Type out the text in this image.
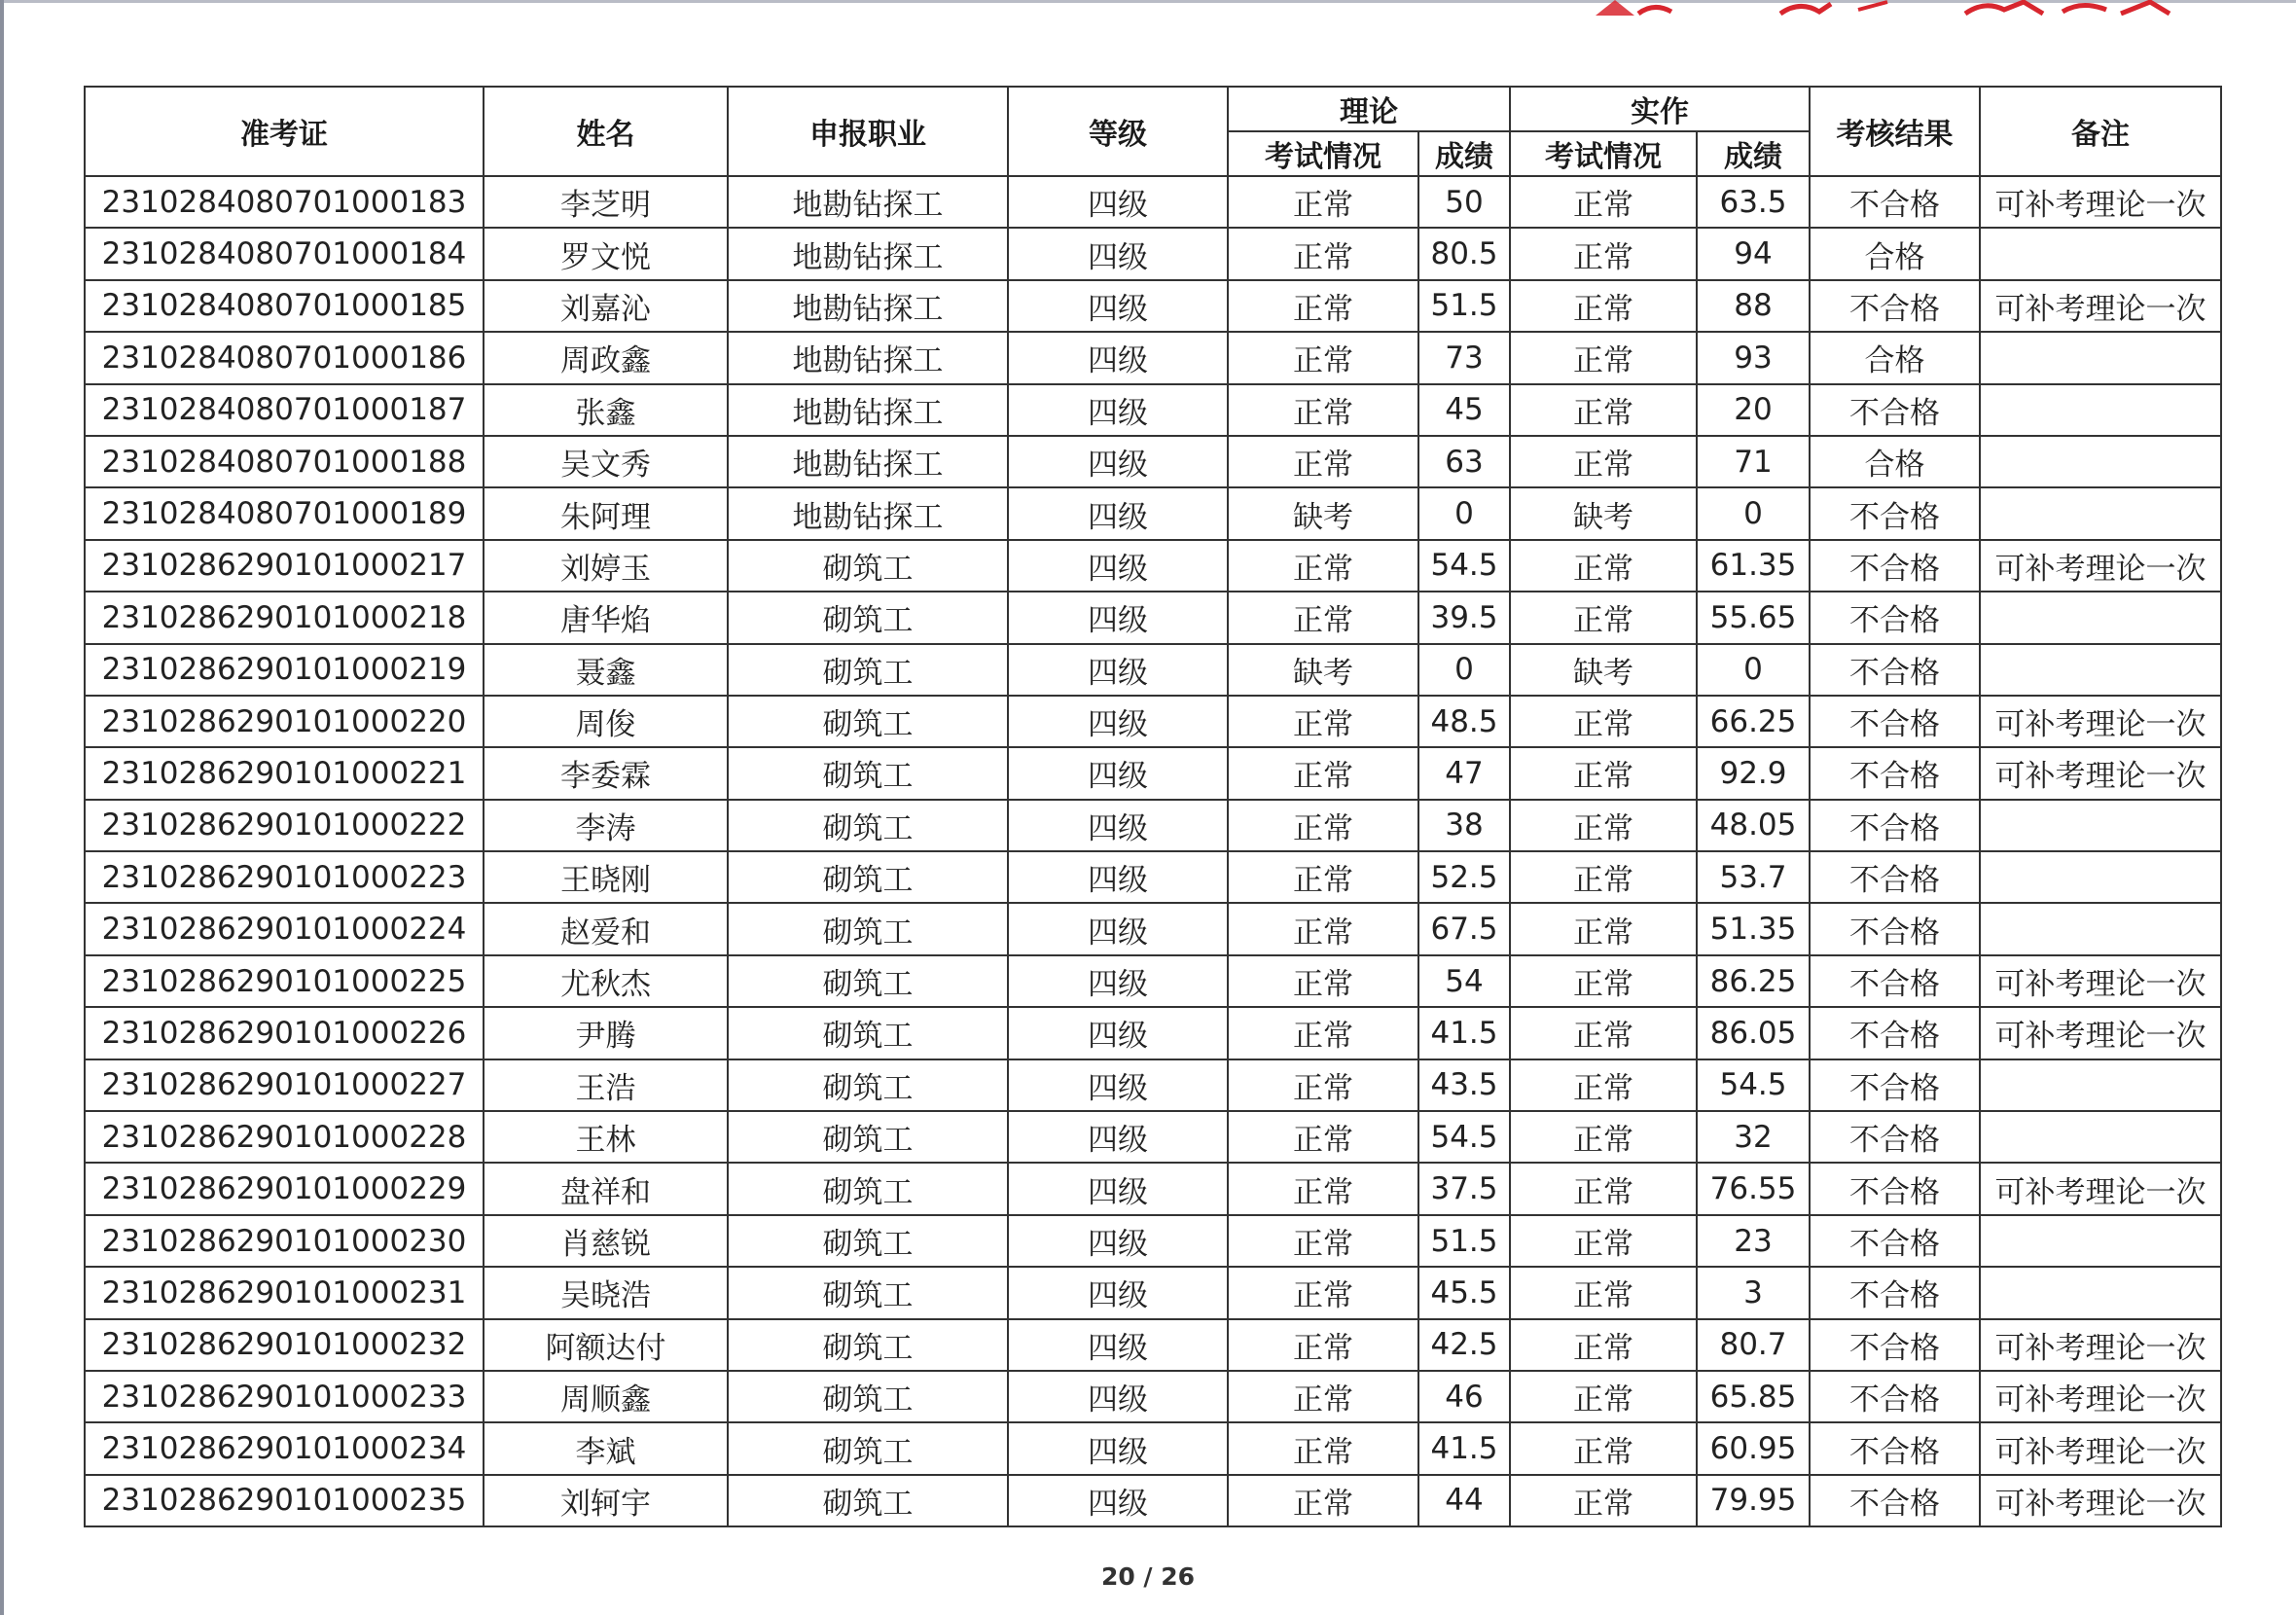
准考证	姓名	申报职业	等级	理论		实作		考核结果	备注
				考试情况	成绩	考试情况	成绩		
2310284080701000183	李芝明	地勘钻探工	四级	正常	50	正常	63.5	不合格	可补考理论一次
2310284080701000184	罗文悦	地勘钻探工	四级	正常	80.5	正常	94	合格	
2310284080701000185	刘嘉沁	地勘钻探工	四级	正常	51.5	正常	88	不合格	可补考理论一次
2310284080701000186	周政鑫	地勘钻探工	四级	正常	73	正常	93	合格	
2310284080701000187	张鑫	地勘钻探工	四级	正常	45	正常	20	不合格	
2310284080701000188	吴文秀	地勘钻探工	四级	正常	63	正常	71	合格	
2310284080701000189	朱阿理	地勘钻探工	四级	缺考	0	缺考	0	不合格	
2310286290101000217	刘婷玉	砌筑工	四级	正常	54.5	正常	61.35	不合格	可补考理论一次
2310286290101000218	唐华焰	砌筑工	四级	正常	39.5	正常	55.65	不合格	
2310286290101000219	聂鑫	砌筑工	四级	缺考	0	缺考	0	不合格	
2310286290101000220	周俊	砌筑工	四级	正常	48.5	正常	66.25	不合格	可补考理论一次
2310286290101000221	李委霖	砌筑工	四级	正常	47	正常	92.9	不合格	可补考理论一次
2310286290101000222	李涛	砌筑工	四级	正常	38	正常	48.05	不合格	
2310286290101000223	王晓刚	砌筑工	四级	正常	52.5	正常	53.7	不合格	
2310286290101000224	赵爱和	砌筑工	四级	正常	67.5	正常	51.35	不合格	
2310286290101000225	尤秋杰	砌筑工	四级	正常	54	正常	86.25	不合格	可补考理论一次
2310286290101000226	尹腾	砌筑工	四级	正常	41.5	正常	86.05	不合格	可补考理论一次
2310286290101000227	王浩	砌筑工	四级	正常	43.5	正常	54.5	不合格	
2310286290101000228	王林	砌筑工	四级	正常	54.5	正常	32	不合格	
2310286290101000229	盘祥和	砌筑工	四级	正常	37.5	正常	76.55	不合格	可补考理论一次
2310286290101000230	肖慈锐	砌筑工	四级	正常	51.5	正常	23	不合格	
2310286290101000231	吴晓浩	砌筑工	四级	正常	45.5	正常	3	不合格	
2310286290101000232	阿额达付	砌筑工	四级	正常	42.5	正常	80.7	不合格	可补考理论一次
2310286290101000233	周顺鑫	砌筑工	四级	正常	46	正常	65.85	不合格	可补考理论一次
2310286290101000234	李斌	砌筑工	四级	正常	41.5	正常	60.95	不合格	可补考理论一次
2310286290101000235	刘轲宇	砌筑工	四级	正常	44	正常	79.95	不合格	可补考理论一次
20 / 26
